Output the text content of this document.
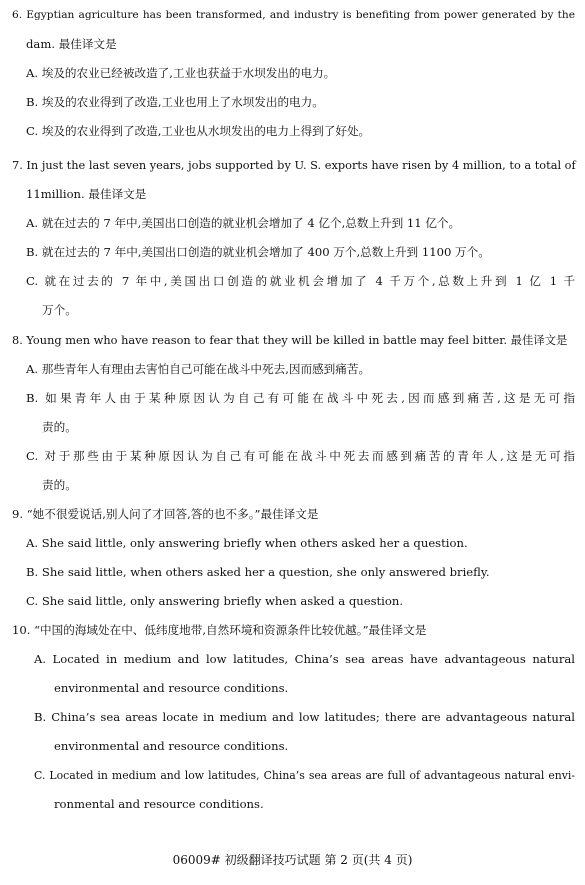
6. Egyptian agriculture has been transformed, and industry is benefiting from power generated by the
dam. 最佳译文是
A. 埃及的农业已经被改造了,工业也获益于水坝发出的电力。
B. 埃及的农业得到了改造,工业也用上了水坝发出的电力。
C. 埃及的农业得到了改造,工业也从水坝发出的电力上得到了好处。
7. In just the last seven years, jobs supported by U. S. exports have risen by 4 million, to a total of
11million. 最佳译文是
A. 就在过去的 7 年中,美国出口创造的就业机会增加了 4 亿个,总数上升到 11 亿个。
B. 就在过去的 7 年中,美国出口创造的就业机会增加了 400 万个,总数上升到 1100 万个。
C. 就在过去的 7 年中,美国出口创造的就业机会增加了 4 千万个,总数上升到 1 亿 1 千
万个。
8. Young men who have reason to fear that they will be killed in battle may feel bitter. 最佳译文是
A. 那些青年人有理由去害怕自己可能在战斗中死去,因而感到痛苦。
B. 如果青年人由于某种原因认为自己有可能在战斗中死去,因而感到痛苦,这是无可指
责的。
C. 对于那些由于某种原因认为自己有可能在战斗中死去而感到痛苦的青年人,这是无可指
责的。
9. “她不很爱说话,别人问了才回答,答的也不多。”最佳译文是
A. She said little, only answering briefly when others asked her a question.
B. She said little, when others asked her a question, she only answered briefly.
C. She said little, only answering briefly when asked a question.
10. “中国的海域处在中、低纬度地带,自然环境和资源条件比较优越。”最佳译文是
A. Located in medium and low latitudes, China’s sea areas have advantageous natural
environmental and resource conditions.
B. China’s sea areas locate in medium and low latitudes; there are advantageous natural
environmental and resource conditions.
C. Located in medium and low latitudes, China’s sea areas are full of advantageous natural envi-
ronmental and resource conditions.
06009# 初级翻译技巧试题 第 2 页(共 4 页)
